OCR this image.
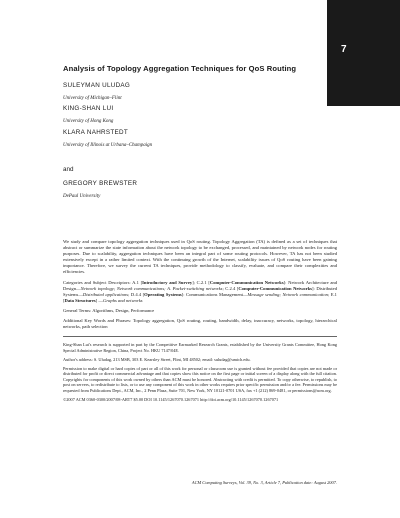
7
Analysis of Topology Aggregation Techniques for QoS Routing
SULEYMAN ULUDAG
University of Michigan–Flint
KING-SHAN LUI
University of Hong Kong
KLARA NAHRSTEDT
University of Illinois at Urbana–Champaign
and
GREGORY BREWSTER
DePaul University

We study and compare topology aggregation techniques used in QoS routing. Topology Aggregation (TA) is defined as a set of techniques that abstract or summarize the state information about the network topology to be exchanged, processed, and maintained by network nodes for routing purposes. Due to scalability, aggregation techniques have been an integral part of some routing protocols. However, TA has not been studied extensively except in a rather limited context. With the continuing growth of the Internet, scalability issues of QoS routing have been gaining importance. Therefore, we survey the current TA techniques, provide methodology to classify, evaluate, and compare their complexities and efficiencies.

Categories and Subject Descriptors: A.1 [Introductory and Survey]; C.2.1 [Computer-Communication Networks]: Network Architecture and Design—Network topology; Network communications; A. Packet-switching networks; C.2.4 [Computer-Communication Networks]: Distributed Systems—Distributed applications; D.4.4 [Operating Systems]: Communications Management—Message sending; Network communication; E.1 [Data Structures] —Graphs and networks

General Terms: Algorithms, Design, Performance

Additional Key Words and Phrases: Topology aggregation, QoS routing, routing, bandwidth, delay, inaccuracy, networks, topology, hierarchical networks, path selection

King-Shan Lui's research is supported in part by the Competitive Earmarked Research Grants, established by the University Grants Committee, Hong Kong Special Administrative Region, China, Project No. HKU 7147/04E.

Author's address: S. Uludag, 213 MSB, 303 E. Kearsley Street, Flint, MI 48502; email: suludag@umich.edu.

Permission to make digital or hard copies of part or all of this work for personal or classroom use is granted without fee provided that copies are not made or distributed for profit or direct commercial advantage and that copies show this notice on the first page or initial screen of a display along with the full citation. Copyrights for components of this work owned by others than ACM must be honored. Abstracting with credit is permitted. To copy otherwise, to republish, to post on servers, to redistribute to lists, or to use any component of this work in other works requires prior specific permission and/or a fee. Permissions may be requested from Publications Dept., ACM, Inc., 2 Penn Plaza, Suite 701, New York, NY 10121-0701 USA, fax +1 (212) 869-0481, or permissions@acm.org.

©2007 ACM 0360-0300/2007/08-ART7 $5.00 DOI 10.1145/1267070.1267071 http://doi.acm.org/10.1145/1267070.1267071

ACM Computing Surveys, Vol. 39, No. 3, Article 7, Publication date: August 2007.
